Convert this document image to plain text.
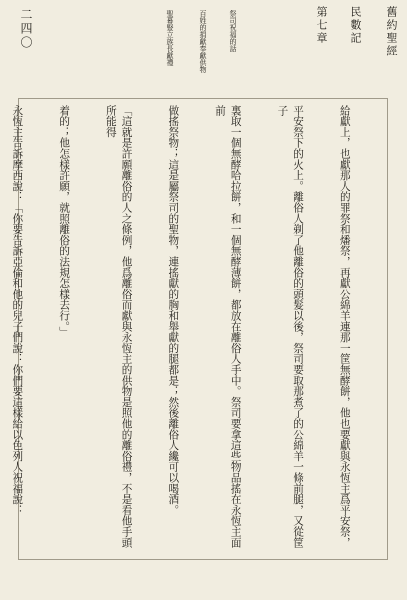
舊約聖經
民數記
第七章
二四〇	祭司祝福的話
百姓的捐獻奉獻供物
聖幕豎立族長獻禮

給獻上，也獻那人的罪祭和燔祭，再獻公綿羊連那一筐無酵餅，他也要獻與永恆主爲平安祭，

平安祭下的火上。離俗人剃了他離俗的頭髮以後，祭司要取那煮了的公綿羊一條前腿，又從筐子

裏取一個無酵哈拉餅，和一個無酵薄餅，都放在離俗人手中。祭司要拿這些物品搖在永恆主面前

做搖祭物；這是屬祭司的聖物，連搖獻的胸和舉獻的腿都是；然後離俗人纔可以喝酒。

「這就是許願離俗的人之條例，他爲離俗而獻與永恆主的供物是照他的離俗禮，不是看他手頭所能得

着的；他怎樣許願，就照離俗的法規怎樣去行。」

永恆主告訴摩西說：「你要告訴亞倫和他的兒子們說：你們要這樣給以色列人祝福說：
